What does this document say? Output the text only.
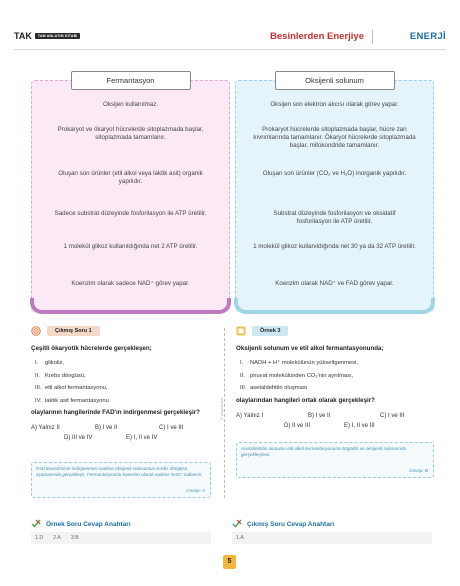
TAK	TAM ANLATIM KİTABI	Besinlerden Enerjiye	ENERJİ
Fermantasyon
Oksijen kullanılmaz.
Prokaryot ve ökaryot hücrelerde sitoplazmada başlar, sitoplazmada tamamlanır.
Oluşan son ürünler (etil alkol veya laktik asit) organik yapılıdır.
Sadece substrat düzeyinde fosforilasyon ile ATP üretilir.
1 molekül glikoz kullanıldığında net 2 ATP üretilir.
Koenzim olarak sadece NAD⁺ görev yapar.
Oksijenli solunum
Oksijen son elektron alıcısı olarak görev yapar.
Prokaryot hücrelerde sitoplazmada başlar, hücre zarı kıvrımlarında tamamlanır. Ökaryot hücrelerde sitoplazmada başlar, mitokondride tamamlanır.
Oluşan son ürünler (CO₂ ve H₂O) inorganik yapılıdır.
Substrat düzeyinde fosforilasyon ve oksidatif fosforilasyon ile ATP üretilir.
1 molekül glikoz kullanıldığında net 30 ya da 32 ATP üretilir.
Koenzim olarak NAD⁺ ve FAD görev yapar.
Çıkmış Soru 1
Çeşitli ökaryotik hücrelerde gerçekleşen;
I.	glikoliz,
II. Krebs döngüsü,
III. etil alkol fermantasyonu,
IV. laktik asit fermantasyonu
olaylarının hangilerinde FAD'ın indirgenmesi gerçekleşir?
A) Yalnız II	B) I ve II	C) I ve III
D) III ve IV	E) I, II ve IV
FAD koenziminin indirgenmesi sadece oksijenli solunumun Krebs döngüsü aşamasında gerçekleşir. Fermantasyonda koenzim olarak sadece NAD⁺ kullanılır.
Cevap: A
© yayinevim
Örnek 3
Oksijenli solunum ve etil alkol fermantasyonunda;
I.	NADH + H⁺ molekülünün yükseltgenmesi,
II. piruvat molekülünden CO₂'nin ayrılması,
III. asetaldehitin oluşması
olaylarından hangileri ortak olarak gerçekleşir?
A) Yalnız I	B) I ve II	C) I ve III
D) II ve III	E) I, II ve III
Asetaldehitin oluşumu etil alkol fermantasyonuna özgüdür ve oksijenli solunumda gerçekleşmez.
Cevap: B
Örnek Soru Cevap Anahtarı
1.D 2.A 3.B
Çıkmış Soru Cevap Anahtarı
1.A
5
